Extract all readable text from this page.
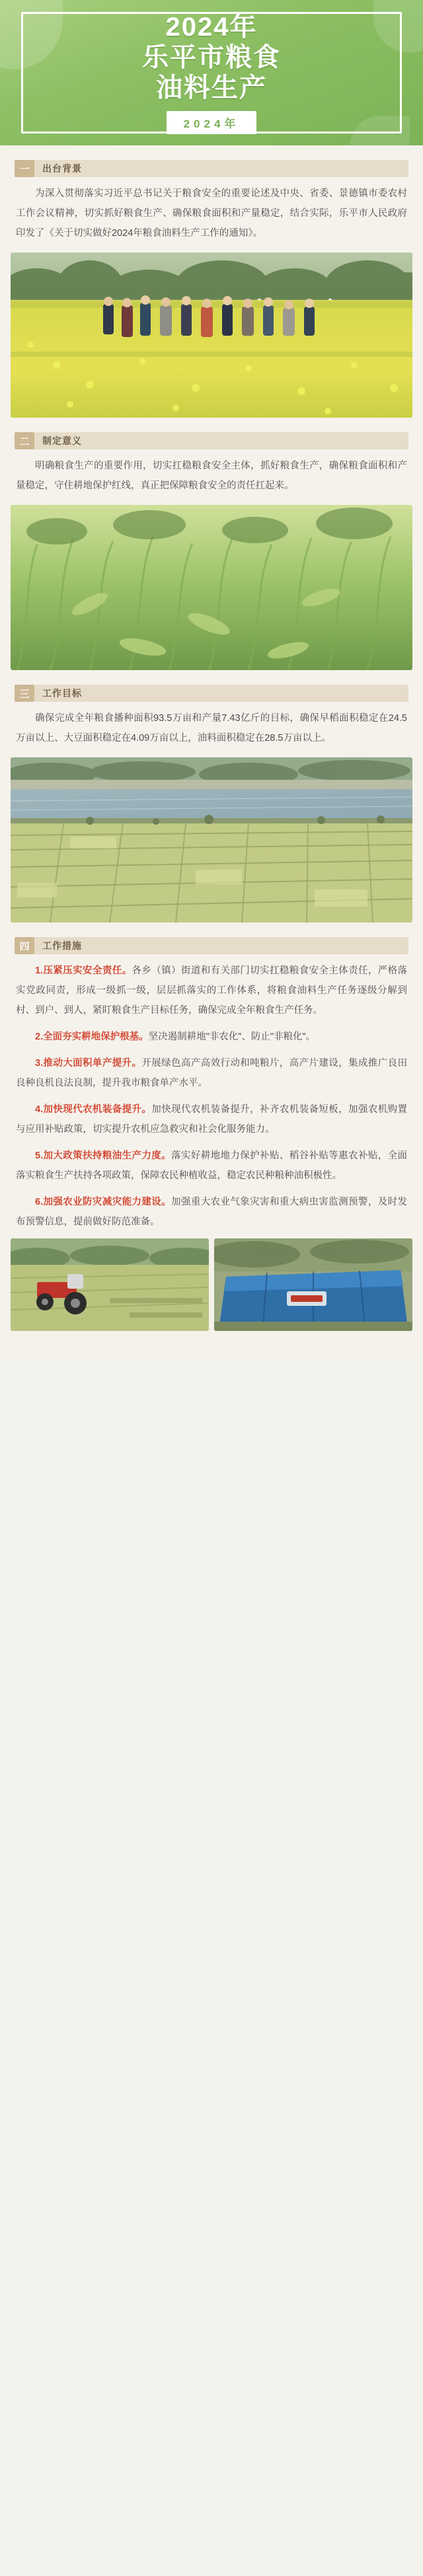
2024年
乐平市粮食
油料生产
2024年
一	出台背景

为深入贯彻落实习近平总书记关于粮食安全的重要论述及中央、省委、景德镇市委农村工作会议精神，切实抓好粮食生产、确保粮食面积和产量稳定，结合实际，乐平市人民政府印发了《关于切实做好2024年粮食油料生产工作的通知》。

二	制定意义

明确粮食生产的重要作用，切实扛稳粮食安全主体，抓好粮食生产，确保粮食面积和产量稳定，守住耕地保护红线，真正把保障粮食安全的责任扛起来。

三	工作目标

确保完成全年粮食播种面积93.5万亩和产量7.43亿斤的目标，确保早稻面积稳定在24.5万亩以上、大豆面积稳定在4.09万亩以上，油料面积稳定在28.5万亩以上。

四	工作措施

1.压紧压实安全责任。各乡（镇）街道和有关部门切实扛稳粮食安全主体责任，严格落实党政同责，形成一级抓一级，层层抓落实的工作体系，将粮食油料生产任务逐级分解到村、到户、到人，紧盯粮食生产目标任务，确保完成全年粮食生产任务。

2.全面夯实耕地保护根基。坚决遏制耕地"非农化"、防止"非粮化"。

3.推动大面积单产提升。开展绿色高产高效行动和吨粮片，高产片建设，集成推广良田良种良机良法良制，提升我市粮食单产水平。

4.加快现代农机装备提升。加快现代农机装备提升，补齐农机装备短板，加强农机购置与应用补贴政策，切实提升农机应急救灾和社会化服务能力。

5.加大政策扶持粮油生产力度。落实好耕地地力保护补贴、稻谷补贴等惠农补贴，全面落实粮食生产扶持各项政策，保障农民种植收益，稳定农民种粮种油积极性。

6.加强农业防灾减灾能力建设。加强重大农业气象灾害和重大病虫害监测预警，及时发布预警信息，提前做好防范准备。
